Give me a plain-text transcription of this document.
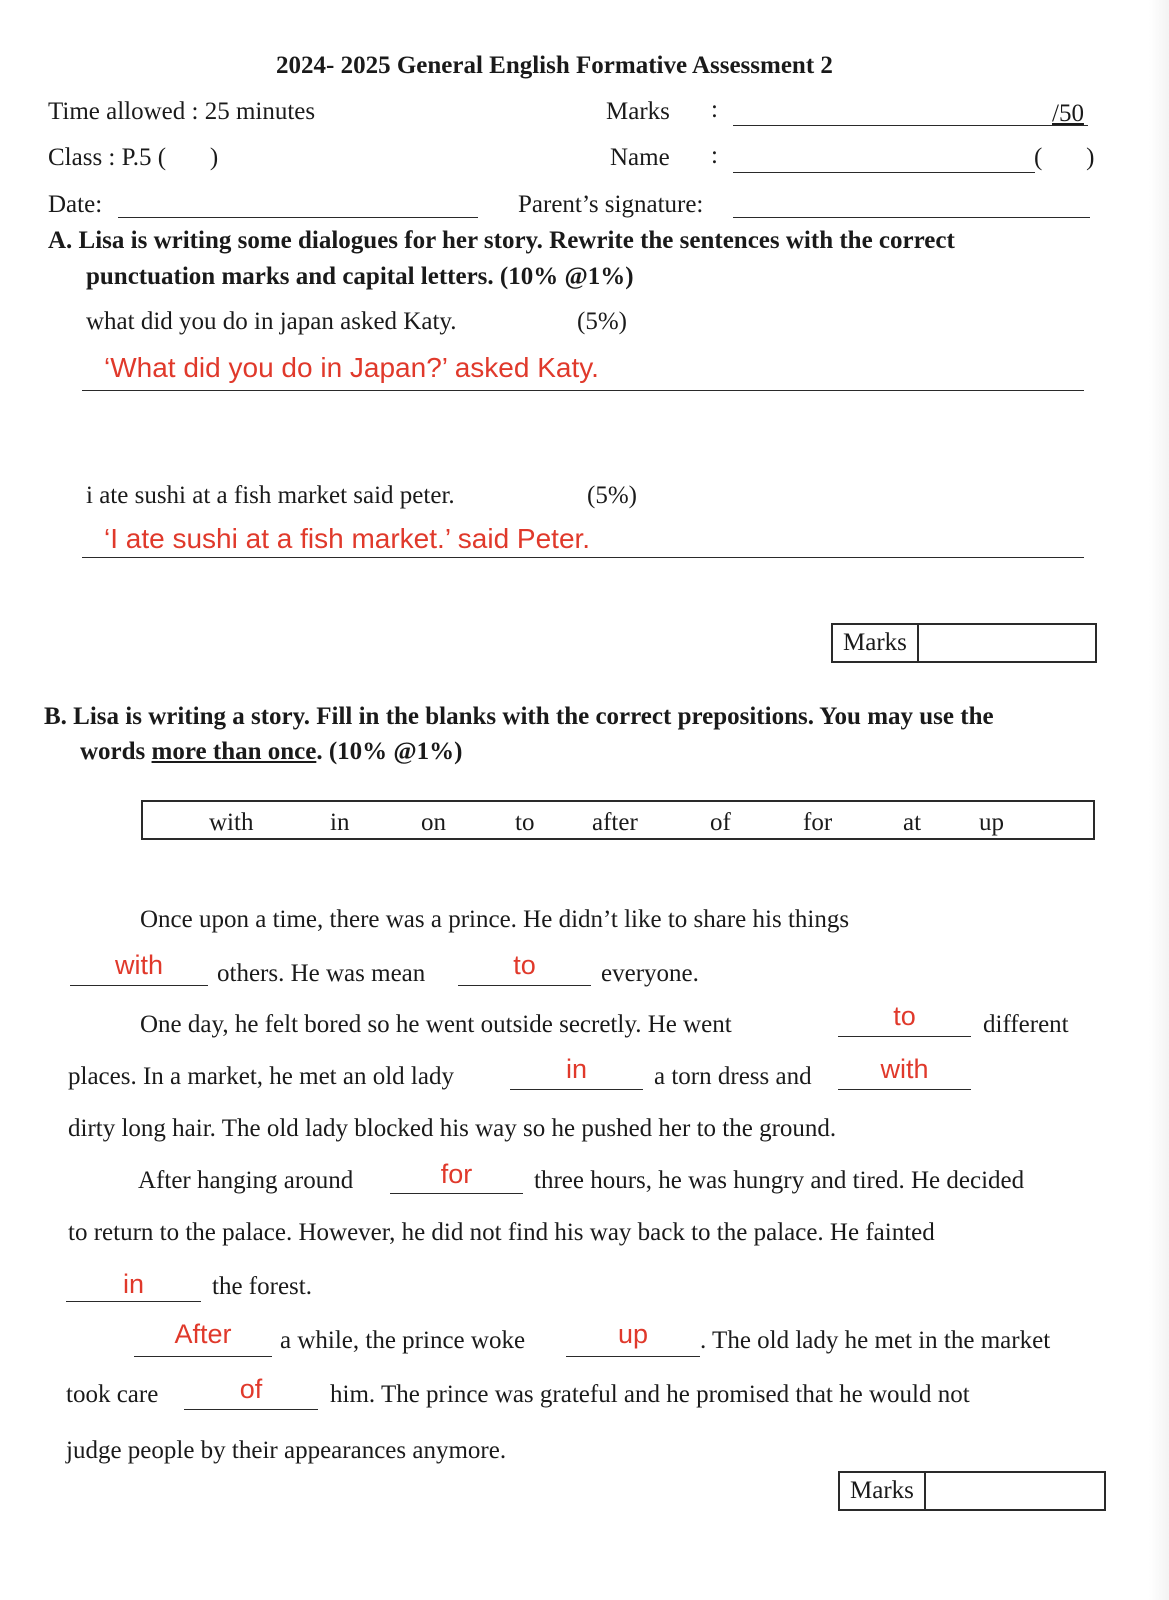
2024- 2025 General English Formative Assessment 2
Time allowed : 25 minutes	Marks :	/50
Class : P.5 (       )	Name :	(       )
Date:	Parent’s signature:
A. Lisa is writing some dialogues for her story. Rewrite the sentences with the correct
punctuation marks and capital letters. (10% @1%)
what did you do in japan asked Katy.	(5%)
‘What did you do in Japan?’ asked Katy.
i ate sushi at a fish market said peter.	(5%)
‘I ate sushi at a fish market.’ said Peter.
Marks
B. Lisa is writing a story. Fill in the blanks with the correct prepositions. You may use the
words more than once. (10% @1%)
with	in	on	to after	of	for	at up
Once upon a time, there was a prince. He didn’t like to share his things
with	others. He was mean	to	everyone.
One day, he felt bored so he went outside secretly. He went	to	different
places. In a market, he met an old lady	in	a torn dress and	with
dirty long hair. The old lady blocked his way so he pushed her to the ground.
After hanging around	for	three hours, he was hungry and tired. He decided
to return to the palace. However, he did not find his way back to the palace. He fainted
in	the forest.
After	a while, the prince woke	up	. The old lady he met in the market
took care	of	him. The prince was grateful and he promised that he would not
judge people by their appearances anymore.
Marks
